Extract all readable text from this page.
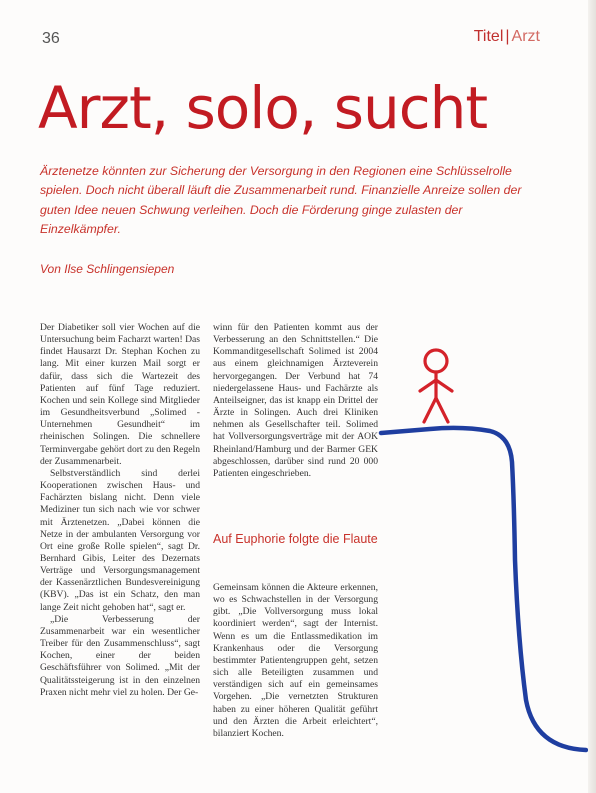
36	Titel | Arzt
Arzt, solo, sucht

Ärztenetze könnten zur Sicherung der Versorgung in den Regionen eine Schlüsselrolle spielen. Doch nicht überall läuft die Zusammenarbeit rund. Finanzielle Anreize sollen der guten Idee neuen Schwung verleihen. Doch die Förderung ginge zulasten der Einzelkämpfer.

Von Ilse Schlingensiepen

Der Diabetiker soll vier Wochen auf die Untersuchung beim Facharzt warten! Das findet Hausarzt Dr. Stephan Kochen zu lang. Mit einer kurzen Mail sorgt er dafür, dass sich die Wartezeit des Patienten auf fünf Tage reduziert. Kochen und sein Kollege sind Mitglieder im Gesundheitsverbund „Solimed - Unternehmen Gesundheit“ im rheinischen Solingen. Die schnellere Terminvergabe gehört dort zu den Regeln der Zusammenarbeit.

Selbstverständlich sind derlei Kooperationen zwischen Haus- und Fachärzten bislang nicht. Denn viele Mediziner tun sich nach wie vor schwer mit Ärztenetzen. „Dabei können die Netze in der ambulanten Versorgung vor Ort eine große Rolle spielen“, sagt Dr. Bernhard Gibis, Leiter des Dezernats Verträge und Versorgungsmanagement der Kassenärztlichen Bundesvereinigung (KBV). „Das ist ein Schatz, den man lange Zeit nicht gehoben hat“, sagt er.

„Die Verbesserung der Zusammenarbeit war ein wesentlicher Treiber für den Zusammenschluss“, sagt Kochen, einer der beiden Geschäftsführer von Solimed. „Mit der Qualitätssteigerung ist in den einzelnen Praxen nicht mehr viel zu holen. Der Ge-

winn für den Patienten kommt aus der Verbesserung an den Schnittstellen.“ Die Kommanditgesellschaft Solimed ist 2004 aus einem gleichnamigen Ärzteverein hervorgegangen. Der Verbund hat 74 niedergelassene Haus- und Fachärzte als Anteilseigner, das ist knapp ein Drittel der Ärzte in Solingen. Auch drei Kliniken nehmen als Gesellschafter teil. Solimed hat Vollversorgungsverträge mit der AOK Rheinland/Hamburg und der Barmer GEK abgeschlossen, darüber sind rund 20 000 Patienten eingeschrieben.

Auf Euphorie folgte die Flaute

Gemeinsam können die Akteure erkennen, wo es Schwachstellen in der Versorgung gibt. „Die Vollversorgung muss lokal koordiniert werden“, sagt der Internist. Wenn es um die Entlassmedikation im Krankenhaus oder die Versorgung bestimmter Patientengruppen geht, setzen sich alle Beteiligten zusammen und verständigen sich auf ein gemeinsames Vorgehen. „Die vernetzten Strukturen haben zu einer höheren Qualität geführt und den Ärzten die Arbeit erleichtert“, bilanziert Kochen.
